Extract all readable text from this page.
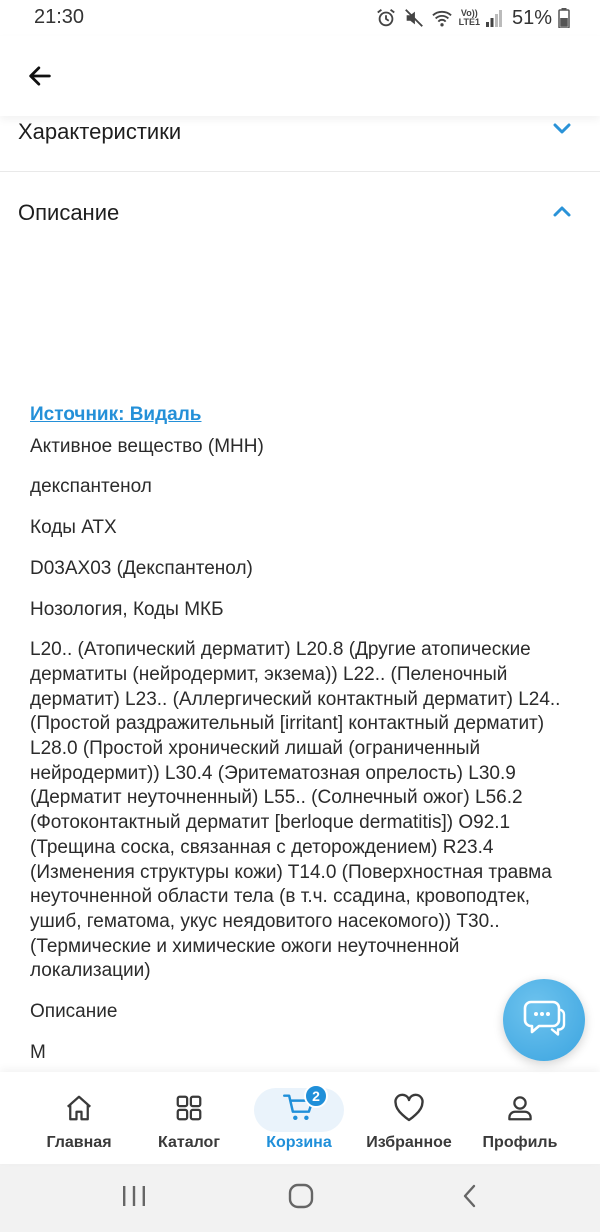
21:30	Vo))
LTE1 51%
Характеристики
Описание
Источник: Видаль

Активное вещество (МНН)

декспантенол

Коды АТХ

D03AX03 (Декспантенол)

Нозология, Коды МКБ

L20.. (Атопический дерматит) L20.8 (Другие атопические дерматиты (нейродермит, экзема)) L22.. (Пеленочный дерматит) L23.. (Аллергический контактный дерматит) L24.. (Простой раздражительный [irritant] контактный дерматит) L28.0 (Простой хронический лишай (ограниченный нейродермит)) L30.4 (Эритематозная опрелость) L30.9 (Дерматит неуточненный) L55.. (Солнечный ожог) L56.2 (Фотоконтактный дерматит [berloque dermatitis]) O92.1 (Трещина соска, связанная с деторождением) R23.4 (Изменения структуры кожи) T14.0 (Поверхностная травма неуточненной области тела (в т.ч. ссадина, кровоподтек, ушиб, гематома, укус неядовитого насекомого)) T30.. (Термические и химические ожоги неуточненной локализации)

Описание

М

Главная	Каталог
2
Корзина Избранное Профиль
